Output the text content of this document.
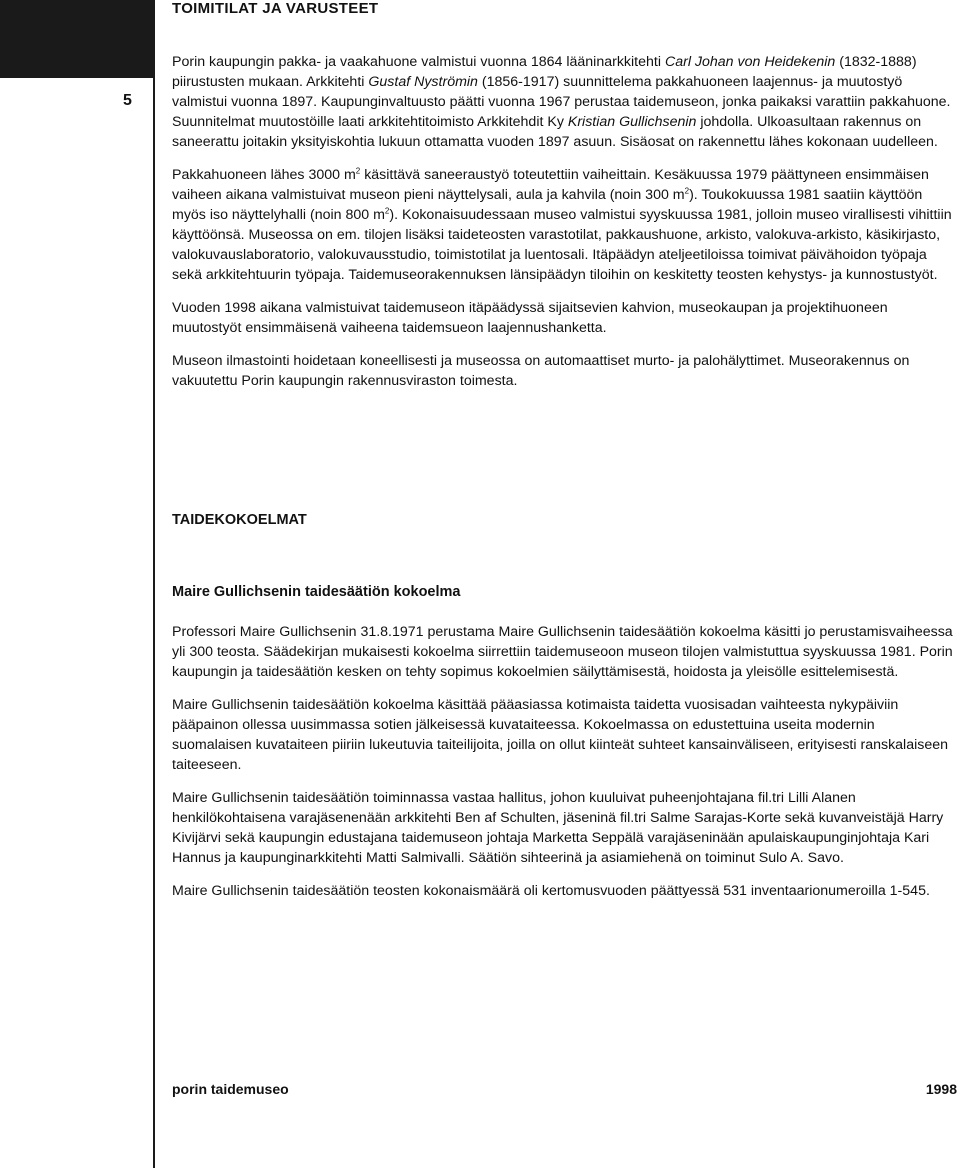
5
TOIMITILAT JA VARUSTEET

Porin kaupungin pakka- ja vaakahuone valmistui vuonna 1864 lääninarkkitehti Carl Johan von Heidekenin (1832-1888) piirustusten mukaan. Arkkitehti Gustaf Nyströmin (1856-1917) suunnittelema pakkahuoneen laajennus- ja muutostyö valmistui vuonna 1897. Kaupunginvaltuusto päätti vuonna 1967 perustaa taidemuseon, jonka paikaksi varattiin pakkahuone. Suunnitelmat muutostöille laati arkkitehtitoimisto Arkkitehdit Ky Kristian Gullichsenin johdolla. Ulkoasultaan rakennus on saneerattu joitakin yksityiskohtia lukuun ottamatta vuoden 1897 asuun. Sisäosat on rakennettu lähes kokonaan uudelleen.

Pakkahuoneen lähes 3000 $m^2$ käsittävä saneeraustyö toteutettiin vaiheittain. Kesäkuussa 1979 päättyneen ensimmäisen vaiheen aikana valmistuivat museon pieni näyttelysali, aula ja kahvila (noin 300 $m^2$). Toukokuussa 1981 saatiin käyttöön myös iso näyttelyhalli (noin 800 $m^2$). Kokonaisuudessaan museo valmistui syyskuussa 1981, jolloin museo virallisesti vihittiin käyttöönsä. Museossa on em. tilojen lisäksi taideteosten varastotilat, pakkaushuone, arkisto, valokuva-arkisto, käsikirjasto, valokuvauslaboratorio, valokuvausstudio, toimistotilat ja luentosali. Itäpäädyn ateljeetiloissa toimivat päivähoidon työpaja sekä arkkitehtuurin työpaja. Taidemuseorakennuksen länsipäädyn tiloihin on keskitetty teosten kehystys- ja kunnostustyöt.

Vuoden 1998 aikana valmistuivat taidemuseon itäpäädyssä sijaitsevien kahvion, museokaupan ja projektihuoneen muutostyöt ensimmäisenä vaiheena taidemsueon laajennushanketta.

Museon ilmastointi hoidetaan koneellisesti ja museossa on automaattiset murto- ja palohälyttimet. Museorakennus on vakuutettu Porin kaupungin rakennusviraston toimesta.

TAIDEKOKOELMAT
Maire Gullichsenin taidesäätiön kokoelma

Professori Maire Gullichsenin 31.8.1971 perustama Maire Gullichsenin taidesäätiön kokoelma käsitti jo perustamisvaiheessa yli 300 teosta. Säädekirjan mukaisesti kokoelma siirrettiin taidemuseoon museon tilojen valmistuttua syyskuussa 1981. Porin kaupungin ja taidesäätiön kesken on tehty sopimus kokoelmien säilyttämisestä, hoidosta ja yleisölle esittelemisestä.

Maire Gullichsenin taidesäätiön kokoelma käsittää pääasiassa kotimaista taidetta vuosisadan vaihteesta nykypäiviin pääpainon ollessa uusimmassa sotien jälkeisessä kuvataiteessa. Kokoelmassa on edustettuina useita modernin suomalaisen kuvataiteen piiriin lukeutuvia taiteilijoita, joilla on ollut kiinteät suhteet kansainväliseen, erityisesti ranskalaiseen taiteeseen.

Maire Gullichsenin taidesäätiön toiminnassa vastaa hallitus, johon kuuluivat puheenjohtajana fil.tri Lilli Alanen henkilökohtaisena varajäsenenään arkkitehti Ben af Schulten, jäseninä fil.tri Salme Sarajas-Korte sekä kuvanveistäjä Harry Kivijärvi sekä kaupungin edustajana taidemuseon johtaja Marketta Seppälä varajäseninään apulaiskaupunginjohtaja Kari Hannus ja kaupunginarkkitehti Matti Salmivalli. Säätiön sihteerinä ja asiamiehenä on toiminut Sulo A. Savo.

Maire Gullichsenin taidesäätiön teosten kokonaismäärä oli kertomusvuoden päättyessä 531 inventaarionumeroilla 1-545.

porin taidemuseo	1998
